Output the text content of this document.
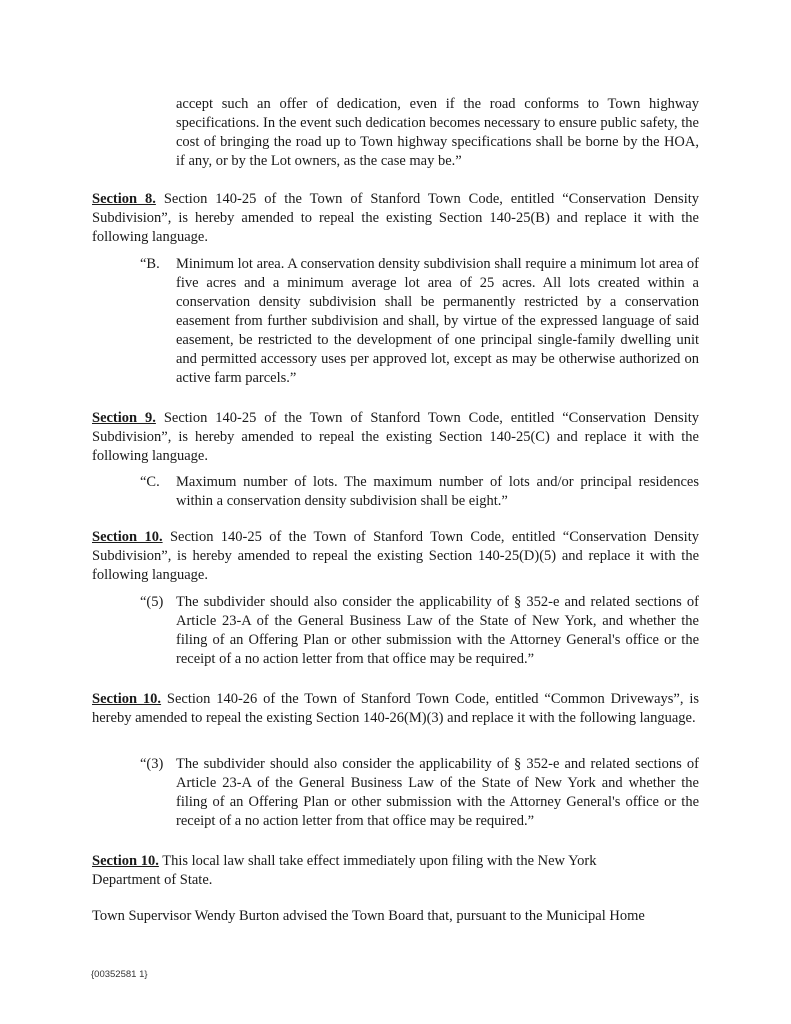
accept such an offer of dedication, even if the road conforms to Town highway specifications. In the event such dedication becomes necessary to ensure public safety, the cost of bringing the road up to Town highway specifications shall be borne by the HOA, if any, or by the Lot owners, as the case may be.”
Section 8. Section 140-25 of the Town of Stanford Town Code, entitled “Conservation Density Subdivision”, is hereby amended to repeal the existing Section 140-25(B) and replace it with the following language.
“B. Minimum lot area. A conservation density subdivision shall require a minimum lot area of five acres and a minimum average lot area of 25 acres. All lots created within a conservation density subdivision shall be permanently restricted by a conservation easement from further subdivision and shall, by virtue of the expressed language of said easement, be restricted to the development of one principal single-family dwelling unit and permitted accessory uses per approved lot, except as may be otherwise authorized on active farm parcels.”
Section 9. Section 140-25 of the Town of Stanford Town Code, entitled “Conservation Density Subdivision”, is hereby amended to repeal the existing Section 140-25(C) and replace it with the following language.
“C. Maximum number of lots. The maximum number of lots and/or principal residences within a conservation density subdivision shall be eight.”
Section 10. Section 140-25 of the Town of Stanford Town Code, entitled “Conservation Density Subdivision”, is hereby amended to repeal the existing Section 140-25(D)(5) and replace it with the following language.
“(5) The subdivider should also consider the applicability of § 352-e and related sections of Article 23-A of the General Business Law of the State of New York, and whether the filing of an Offering Plan or other submission with the Attorney General's office or the receipt of a no action letter from that office may be required.”
Section 10. Section 140-26 of the Town of Stanford Town Code, entitled “Common Driveways”, is hereby amended to repeal the existing Section 140-26(M)(3) and replace it with the following language.
“(3) The subdivider should also consider the applicability of § 352-e and related sections of Article 23-A of the General Business Law of the State of New York and whether the filing of an Offering Plan or other submission with the Attorney General's office or the receipt of a no action letter from that office may be required.”
Section 10. This local law shall take effect immediately upon filing with the New York Department of State.
Town Supervisor Wendy Burton advised the Town Board that, pursuant to the Municipal Home
{00352581 1}
